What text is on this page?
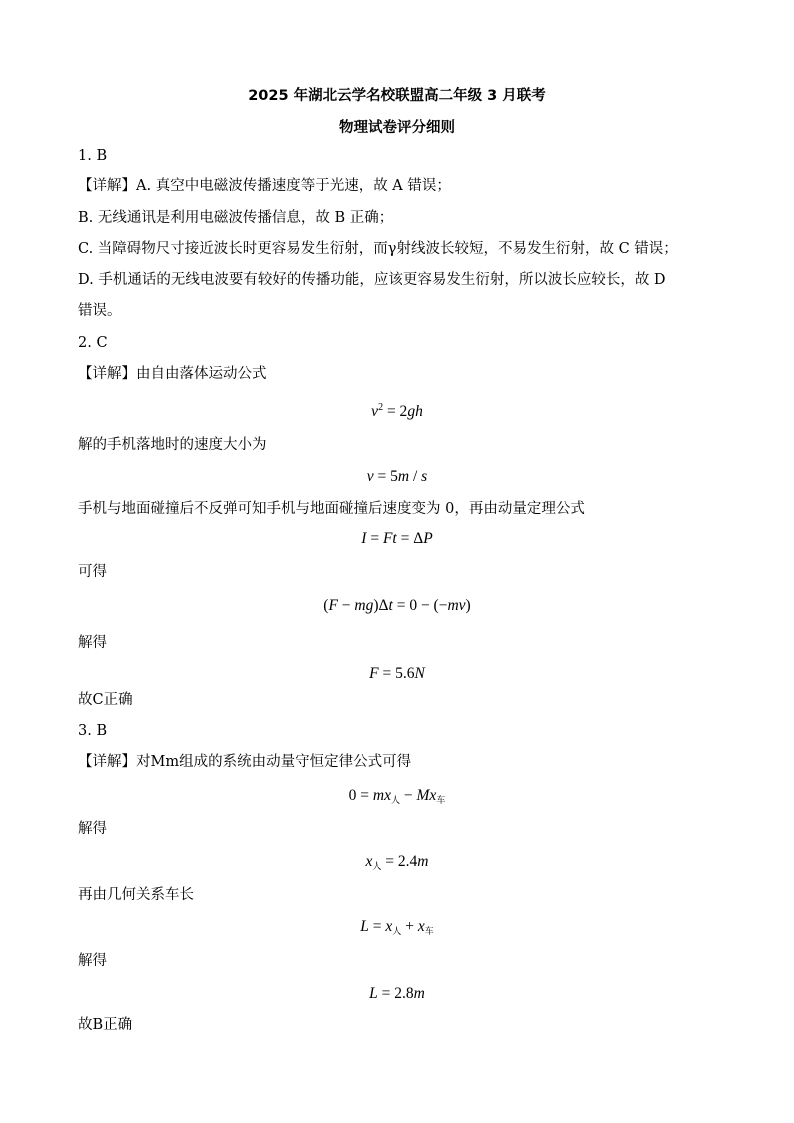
2025 年湖北云学名校联盟高二年级 3 月联考
物理试卷评分细则
1. B
【详解】A. 真空中电磁波传播速度等于光速，故 A 错误；
B. 无线通讯是利用电磁波传播信息，故 B 正确；
C. 当障碍物尺寸接近波长时更容易发生衍射，而γ射线波长较短，不易发生衍射，故 C 错误；
D. 手机通话的无线电波要有较好的传播功能，应该更容易发生衍射，所以波长应较长，故 D
错误。
2. C
【详解】由自由落体运动公式
$v^2 = 2gh$
解的手机落地时的速度大小为
v = 5m / s
手机与地面碰撞后不反弹可知手机与地面碰撞后速度变为 0，再由动量定理公式
I = Ft = ΔP
可得
(F − mg)Δt = 0 − (−mv)
解得
F = 5.6N
故C正确
3. B
【详解】对Mm组成的系统由动量守恒定律公式可得
$0 = mx_人 - Mx_车$
解得
$x_人 = 2.4m$
再由几何关系车长
$L = x_人 + x_车$
解得
L = 2.8m
故B正确
